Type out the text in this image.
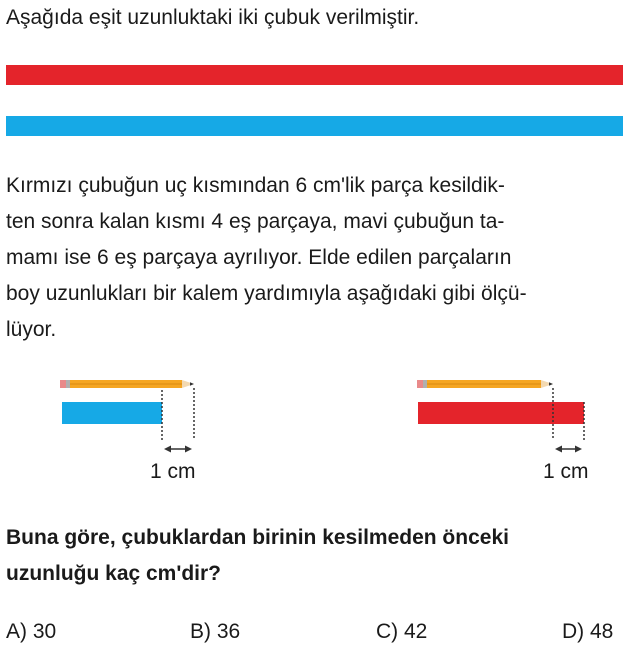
Aşağıda eşit uzunluktaki iki çubuk verilmiştir.

Kırmızı çubuğun uç kısmından 6 cm'lik parça kesildik-
ten sonra kalan kısmı 4 eş parçaya, mavi çubuğun ta-
mamı ise 6 eş parçaya ayrılıyor. Elde edilen parçaların
boy uzunlukları bir kalem yardımıyla aşağıdaki gibi ölçü-
lüyor.

1 cm	1 cm

Buna göre, çubuklardan birinin kesilmeden önceki
uzunluğu kaç cm'dir?

A) 30	B) 36	C) 42	D) 48
